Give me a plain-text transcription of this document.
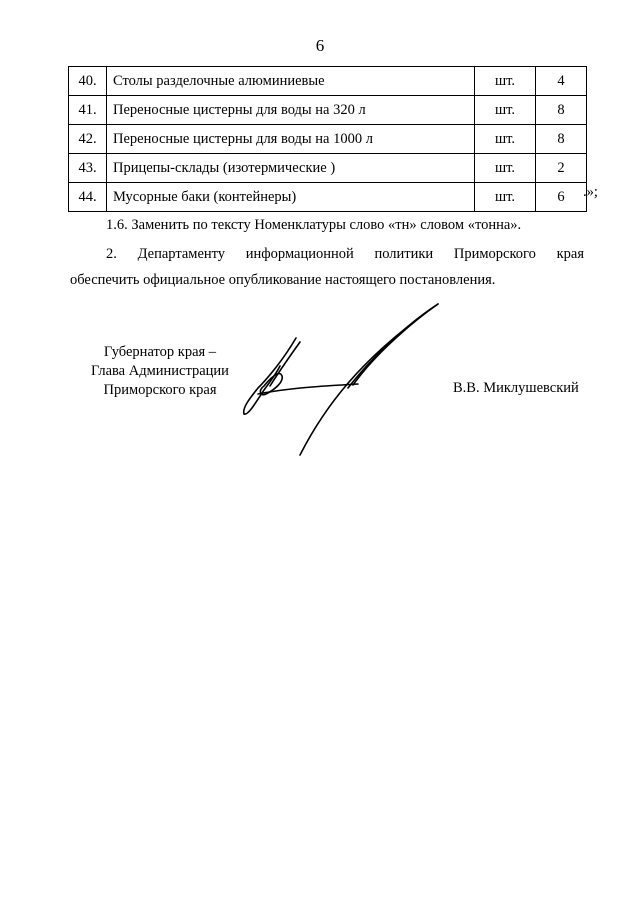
6
40.	Столы разделочные алюминиевые	шт.	4
41.	Переносные цистерны для воды на 320 л	шт.	8
42.	Переносные цистерны для воды на 1000 л	шт.	8
43.	Прицепы-склады (изотермические )	шт.	2
44.	Мусорные баки (контейнеры)	шт.	6 .»;
1.6. Заменить по тексту Номенклатуры слово «тн» словом «тонна».
2. Департаменту информационной политики Приморского края
обеспечить официальное опубликование настоящего постановления.
Губернатор края –
Глава Администрации
Приморского края	В.В. Миклушевский
